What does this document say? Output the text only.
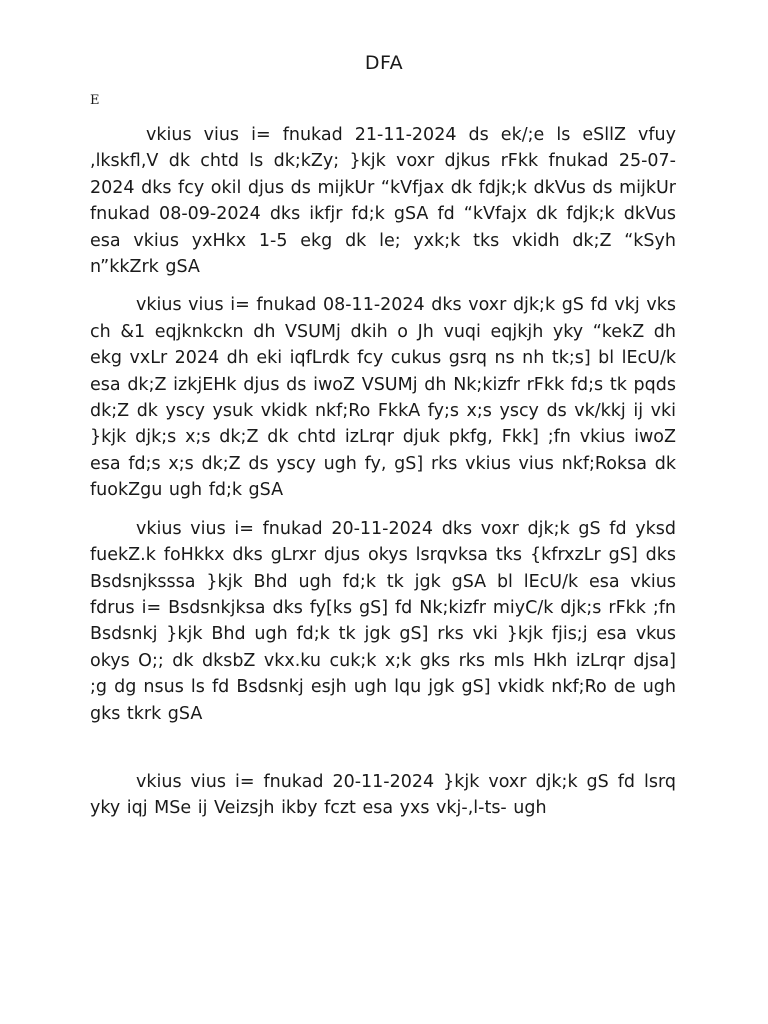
DFA
E

vkius vius i= fnukad 21-11-2024 ds ek/;e ls eSllZ vfuy ,lkskfl,V dk chtd ls dk;kZy; }kjk voxr djkus rFkk fnukad 25-07-2024 dks fcy okil djus ds mijkUr “kVfjax dk fdjk;k dkVus ds mijkUr fnukad 08-09-2024 dks ikfjr fd;k gSA fd “kVfajx dk fdjk;k dkVus esa vkius yxHkx 1-5 ekg dk le; yxk;k tks vkidh dk;Z “kSyh n”kkZrk gSA

vkius vius i= fnukad 08-11-2024 dks voxr djk;k gS fd vkj vks ch &1 eqjknkckn dh VSUMj dkih o Jh vuqi eqjkjh yky “kekZ dh ekg vxLr 2024 dh eki iqfLrdk fcy cukus gsrq ns nh tk;s] bl lEcU/k esa dk;Z izkjEHk djus ds iwoZ VSUMj dh Nk;kizfr rFkk fd;s tk pqds dk;Z dk yscy ysuk vkidk nkf;Ro FkkA fy;s x;s yscy ds vk/kkj ij vki }kjk djk;s x;s dk;Z dk chtd izLrqr djuk pkfg, Fkk] ;fn vkius iwoZ esa fd;s x;s dk;Z ds yscy ugh fy, gS] rks vkius vius nkf;Roksa dk fuokZgu ugh fd;k gSA

vkius vius i= fnukad 20-11-2024 dks voxr djk;k gS fd yksd fuekZ.k foHkkx dks gLrxr djus okys lsrqvksa tks {kfrxzLr gS] dks Bsdsnjksssa }kjk Bhd ugh fd;k tk jgk gSA bl lEcU/k esa vkius fdrus i= Bsdsnkjksa dks fy[ks gS] fd Nk;kizfr miyC/k djk;s rFkk ;fn Bsdsnkj }kjk Bhd ugh fd;k tk jgk gS] rks vki }kjk fjis;j esa vkus okys O;; dk dksbZ vkx.ku cuk;k x;k gks rks mls Hkh izLrqr djsa] ;g dg nsus ls fd Bsdsnkj esjh ugh lqu jgk gS] vkidk nkf;Ro de ugh gks tkrk gSA

vkius vius i= fnukad 20-11-2024 }kjk voxr djk;k gS fd lsrq yky iqj MSe ij Veizsjh ikby fczt esa yxs vkj-,l-ts- ugh
